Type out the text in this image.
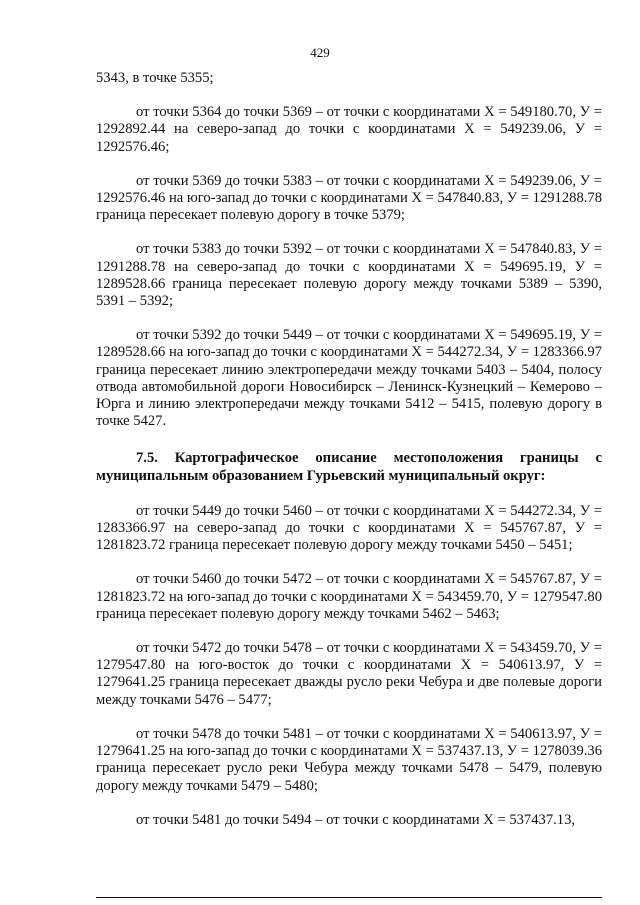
429

5343, в точке 5355;

от точки 5364 до точки 5369 – от точки с координатами Х = 549180.70, У = 1292892.44 на северо-запад до точки с координатами Х = 549239.06, У = 1292576.46;

от точки 5369 до точки 5383 – от точки с координатами Х = 549239.06, У = 1292576.46 на юго-запад до точки с координатами Х = 547840.83, У = 1291288.78 граница пересекает полевую дорогу в точке 5379;

от точки 5383 до точки 5392 – от точки с координатами Х = 547840.83, У = 1291288.78 на северо-запад до точки с координатами Х = 549695.19, У = 1289528.66 граница пересекает полевую дорогу между точками 5389 – 5390, 5391 – 5392;

от точки 5392 до точки 5449 – от точки с координатами Х = 549695.19, У = 1289528.66 на юго-запад до точки с координатами Х = 544272.34, У = 1283366.97 граница пересекает линию электропередачи между точками 5403 – 5404, полосу отвода автомобильной дороги Новосибирск – Ленинск-Кузнецкий – Кемерово – Юрга и линию электропередачи между точками 5412 – 5415, полевую дорогу в точке 5427.

7.5. Картографическое описание местоположения границы с муниципальным образованием Гурьевский муниципальный округ:

от точки 5449 до точки 5460 – от точки с координатами Х = 544272.34, У = 1283366.97 на северо-запад до точки с координатами Х = 545767.87, У = 1281823.72 граница пересекает полевую дорогу между точками 5450 – 5451;

от точки 5460 до точки 5472 – от точки с координатами Х = 545767.87, У = 1281823.72 на юго-запад до точки с координатами Х = 543459.70, У = 1279547.80 граница пересекает полевую дорогу между точками 5462 – 5463;

от точки 5472 до точки 5478 – от точки с координатами Х = 543459.70, У = 1279547.80 на юго-восток до точки с координатами Х = 540613.97, У = 1279641.25 граница пересекает дважды русло реки Чебура и две полевые дороги между точками 5476 – 5477;

от точки 5478 до точки 5481 – от точки с координатами Х = 540613.97, У = 1279641.25 на юго-запад до точки с координатами Х = 537437.13, У = 1278039.36 граница пересекает русло реки Чебура между точками 5478 – 5479, полевую дорогу между точками 5479 – 5480;

от точки 5481 до точки 5494 – от точки с координатами Х = 537437.13,
